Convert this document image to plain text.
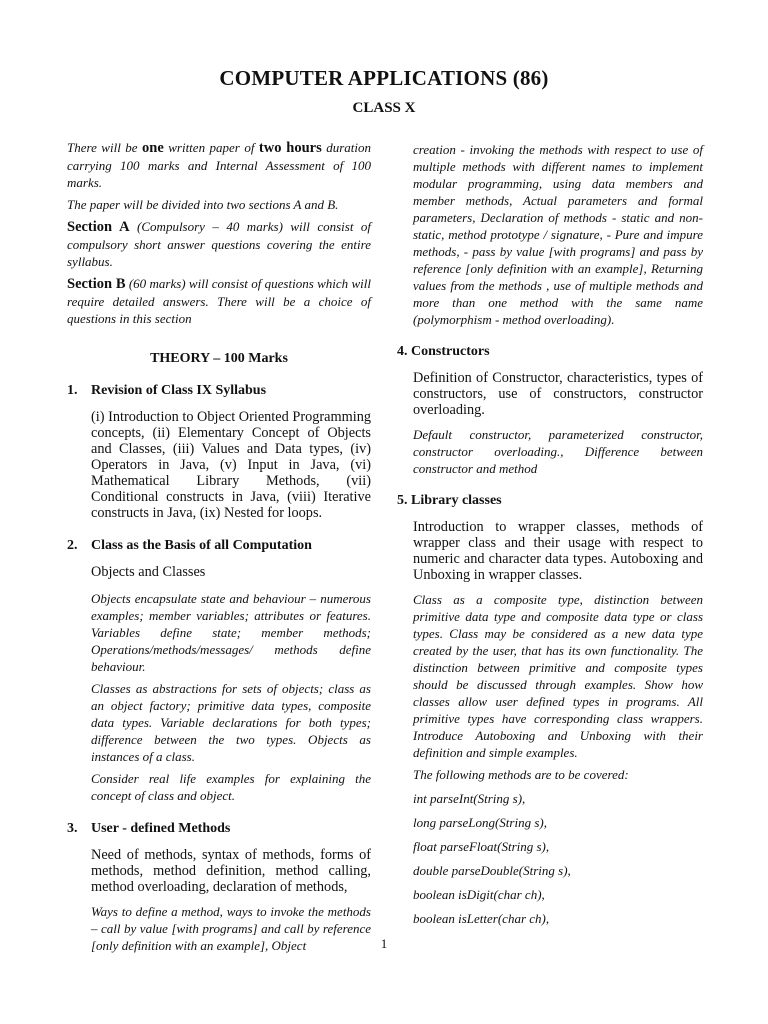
COMPUTER APPLICATIONS (86)
CLASS X

There will be one written paper of two hours duration carrying 100 marks and Internal Assessment of 100 marks.

The paper will be divided into two sections A and B.

Section A (Compulsory – 40 marks) will consist of compulsory short answer questions covering the entire syllabus.

Section B (60 marks) will consist of questions which will require detailed answers. There will be a choice of questions in this section

THEORY – 100 Marks
1. Revision of Class IX Syllabus

(i) Introduction to Object Oriented Programming concepts, (ii) Elementary Concept of Objects and Classes, (iii) Values and Data types, (iv) Operators in Java, (v) Input in Java, (vi) Mathematical Library Methods, (vii) Conditional constructs in Java, (viii) Iterative constructs in Java, (ix) Nested for loops.

2. Class as the Basis of all Computation

Objects and Classes

Objects encapsulate state and behaviour – numerous examples; member variables; attributes or features. Variables define state; member methods; Operations/methods/messages/ methods define behaviour.

Classes as abstractions for sets of objects; class as an object factory; primitive data types, composite data types. Variable declarations for both types; difference between the two types. Objects as instances of a class.

Consider real life examples for explaining the concept of class and object.

3. User - defined Methods

Need of methods, syntax of methods, forms of methods, method definition, method calling, method overloading, declaration of methods,

Ways to define a method, ways to invoke the methods – call by value [with programs] and call by reference [only definition with an example], Object

creation - invoking the methods with respect to use of multiple methods with different names to implement modular programming, using data members and member methods, Actual parameters and formal parameters, Declaration of methods - static and non-static, method prototype / signature, - Pure and impure methods, - pass by value [with programs] and pass by reference [only definition with an example], Returning values from the methods , use of multiple methods and more than one method with the same name (polymorphism - method overloading).

4. Constructors

Definition of Constructor, characteristics, types of constructors, use of constructors, constructor overloading.

Default constructor, parameterized constructor, constructor overloading., Difference between constructor and method

5. Library classes

Introduction to wrapper classes, methods of wrapper class and their usage with respect to numeric and character data types. Autoboxing and Unboxing in wrapper classes.

Class as a composite type, distinction between primitive data type and composite data type or class types. Class may be considered as a new data type created by the user, that has its own functionality. The distinction between primitive and composite types should be discussed through examples. Show how classes allow user defined types in programs. All primitive types have corresponding class wrappers. Introduce Autoboxing and Unboxing with their definition and simple examples.

The following methods are to be covered:

int parseInt(String s),

long parseLong(String s),

float parseFloat(String s),

double parseDouble(String s),

boolean isDigit(char ch),

boolean isLetter(char ch),

1
